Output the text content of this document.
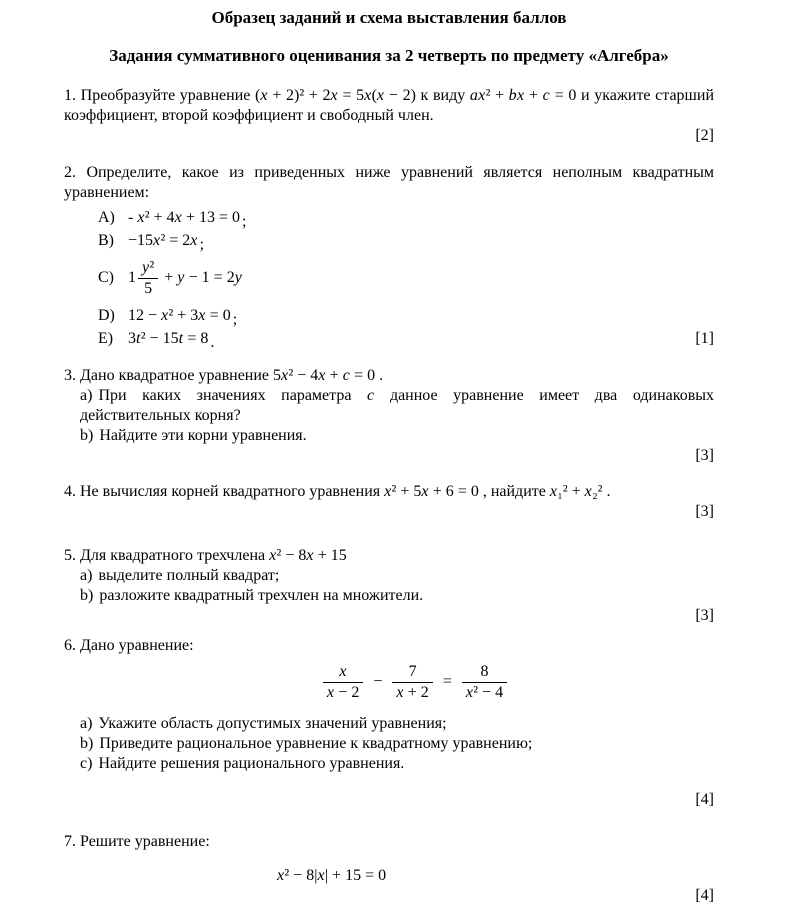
Образец заданий и схема выставления баллов
Задания суммативного оценивания за 2 четверть по предмету «Алгебра»
1. Преобразуйте уравнение (x + 2)² + 2x = 5x(x − 2) к виду ax² + bx + c = 0 и укажите старший коэффициент, второй коэффициент и свободный член.
[2]
2. Определите, какое из приведенных ниже уравнений является неполным квадратным уравнением:
A) - x² + 4x + 13 = 0 ;
B) −15x² = 2x ;
C) $1 \frac{\text{y²}}{5} + y - 1 = 2y$
D) 12 − x² + 3x = 0 ;
E) 3t² − 15t = 8 .	[1]
3. Дано квадратное уравнение 5x² − 4x + c = 0 .
a) При каких значениях параметра c данное уравнение имеет два одинаковых действительных корня?
b) Найдите эти корни уравнения.
[3]
4. Не вычисляя корней квадратного уравнения x² + 5x + 6 = 0 , найдите x₁² + x₂² .
[3]
5. Для квадратного трехчлена x² − 8x + 15
a) выделите полный квадрат;
b) разложите квадратный трехчлен на множители.
[3]
6. Дано уравнение:
$\frac{x}{x - 2} - \frac{7}{x + 2} = \frac{8}{\text{x² − 4}}$
a) Укажите область допустимых значений уравнения;
b) Приведите рациональное уравнение к квадратному уравнению;
c) Найдите решения рационального уравнения.
[4]
7. Решите уравнение:
x² − 8|x| + 15 = 0
[4]
